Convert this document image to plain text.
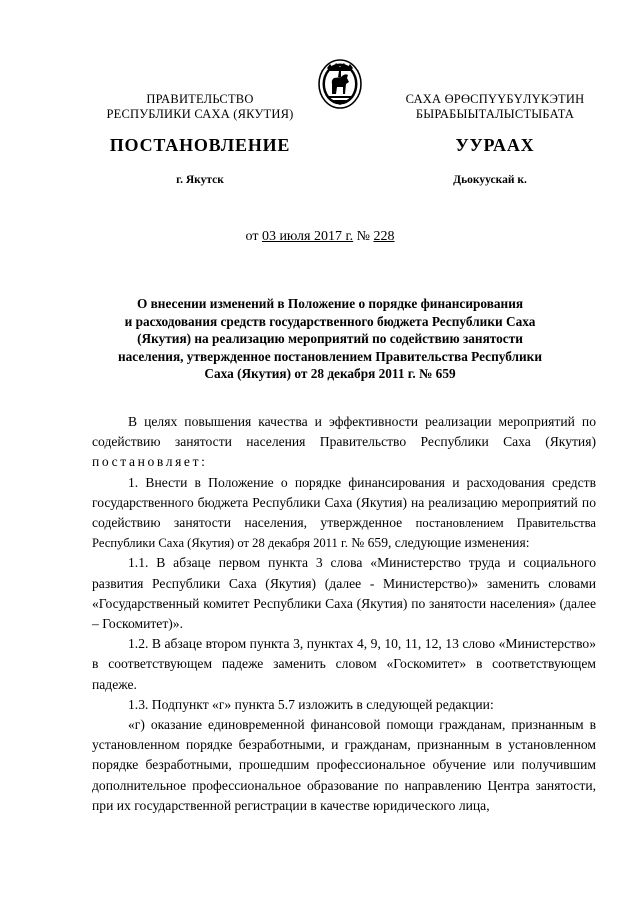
ПРАВИТЕЛЬСТВО
РЕСПУБЛИКИ САХА (ЯКУТИЯ)
САХА ӨРӨСПҮҮБҮЛҮКЭТИН
БЫРАБЫЫТАЛЫСТЫБАТА
ПОСТАНОВЛЕНИЕ	УУРААХ
г. Якутск	Дьокуускай к.
от 03 июля 2017 г. № 228
О внесении изменений в Положение о порядке финансирования
и расходования средств государственного бюджета Республики Саха
(Якутия) на реализацию мероприятий по содействию занятости
населения, утвержденное постановлением Правительства Республики
Саха (Якутия) от 28 декабря 2011 г. № 659

В целях повышения качества и эффективности реализации мероприятий по содействию занятости населения Правительство Республики Саха (Якутия) постановляет:

1. Внести в Положение о порядке финансирования и расходования средств государственного бюджета Республики Саха (Якутия) на реализацию мероприятий по содействию занятости населения, утвержденное постановлением Правительства Республики Саха (Якутия) от 28 декабря 2011 г. № 659, следующие изменения:

1.1. В абзаце первом пункта 3 слова «Министерство труда и социального развития Республики Саха (Якутия) (далее - Министерство)» заменить словами «Государственный комитет Республики Саха (Якутия) по занятости населения» (далее – Госкомитет)».

1.2. В абзаце втором пункта 3, пунктах 4, 9, 10, 11, 12, 13 слово «Министерство» в соответствующем падеже заменить словом «Госкомитет» в соответствующем падеже.

1.3. Подпункт «г» пункта 5.7 изложить в следующей редакции:

«г) оказание единовременной финансовой помощи гражданам, признанным в установленном порядке безработными, и гражданам, признанным в установленном порядке безработными, прошедшим профессиональное обучение или получившим дополнительное профессиональное образование по направлению Центра занятости, при их государственной регистрации в качестве юридического лица,
